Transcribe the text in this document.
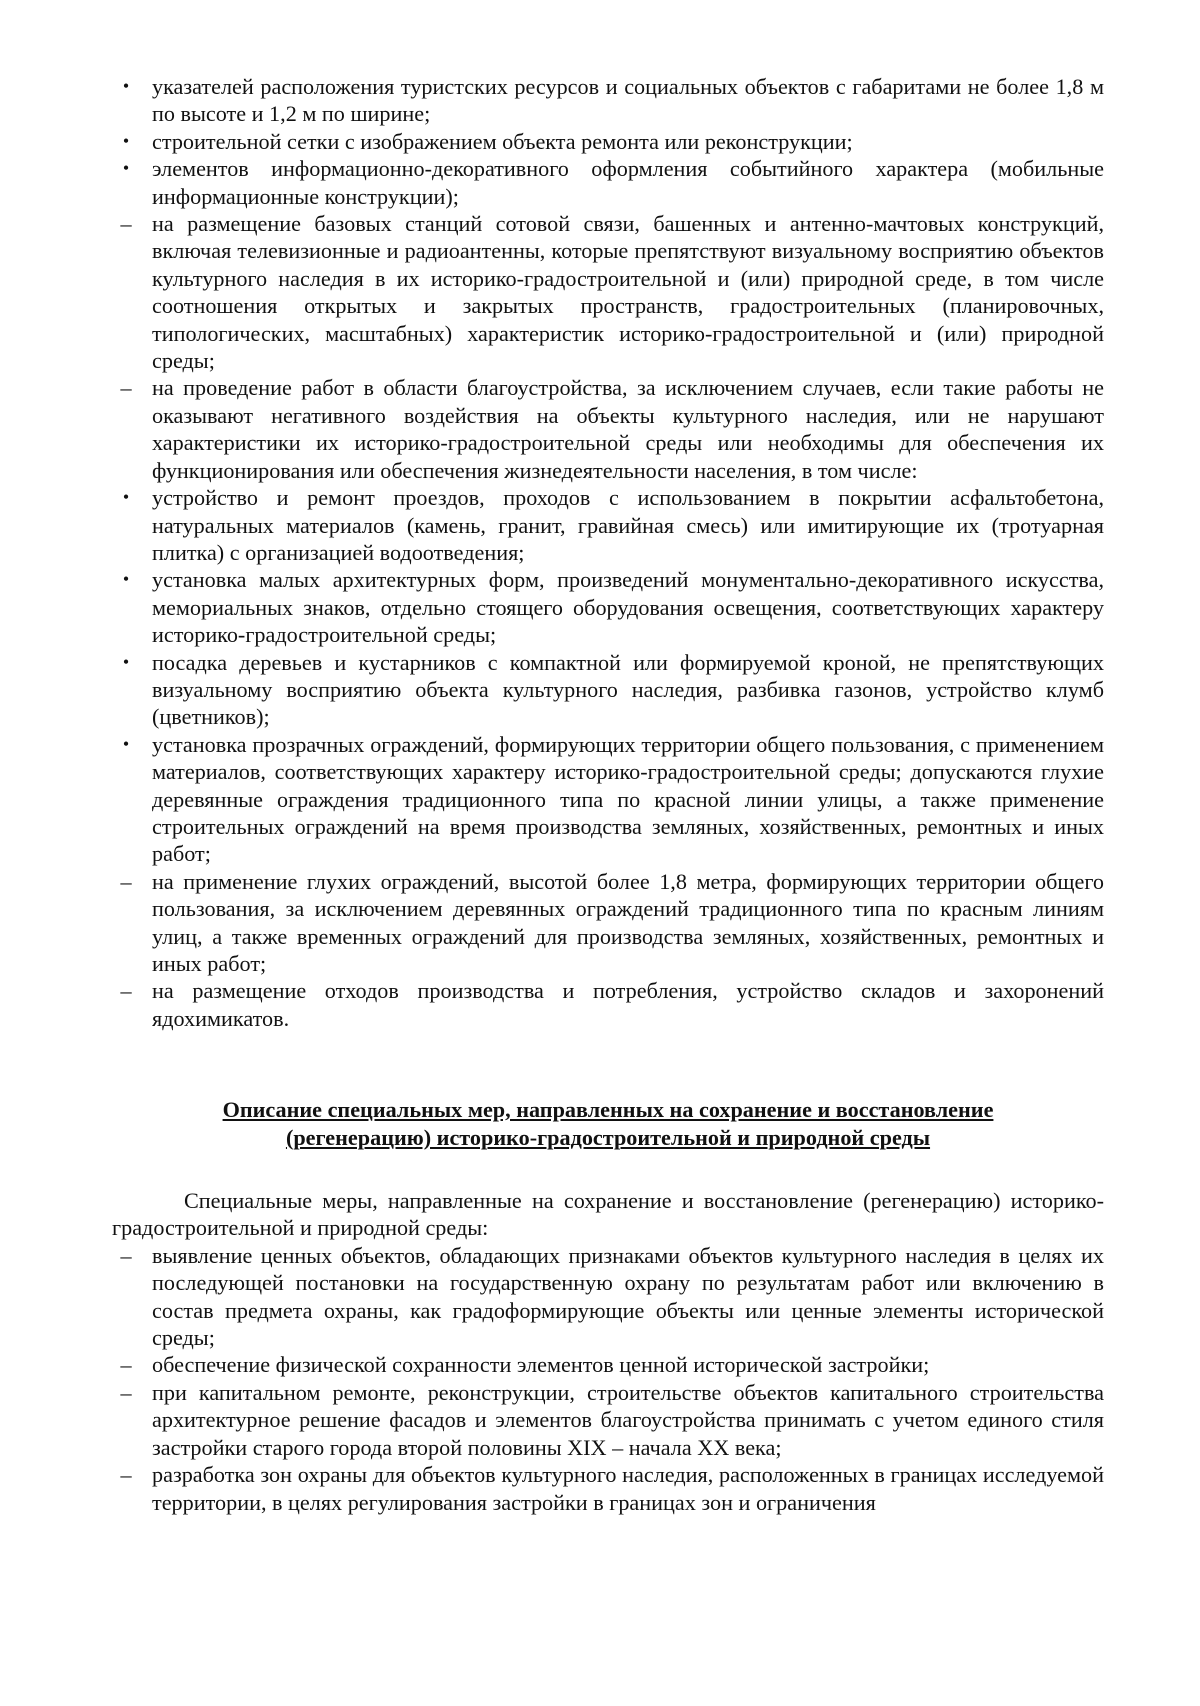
•	указателей расположения туристских ресурсов и социальных объектов с габаритами не более 1,8 м по высоте и 1,2 м по ширине;
•	строительной сетки с изображением объекта ремонта или реконструкции;
•	элементов информационно-декоративного оформления событийного характера (мобильные информационные конструкции);
– на размещение базовых станций сотовой связи, башенных и антенно-мачтовых конструкций, включая телевизионные и радиоантенны, которые препятствуют визуальному восприятию объектов культурного наследия в их историко-градостроительной и (или) природной среде, в том числе соотношения открытых и закрытых пространств, градостроительных (планировочных, типологических, масштабных) характеристик историко-градостроительной и (или) природной среды;
– на проведение работ в области благоустройства, за исключением случаев, если такие работы не оказывают негативного воздействия на объекты культурного наследия, или не нарушают характеристики их историко-градостроительной среды или необходимы для обеспечения их функционирования или обеспечения жизнедеятельности населения, в том числе:
•	устройство и ремонт проездов, проходов с использованием в покрытии асфальтобетона, натуральных материалов (камень, гранит, гравийная смесь) или имитирующие их (тротуарная плитка) с организацией водоотведения;
•	установка малых архитектурных форм, произведений монументально-декоративного искусства, мемориальных знаков, отдельно стоящего оборудования освещения, соответствующих характеру историко-градостроительной среды;
•	посадка деревьев и кустарников с компактной или формируемой кроной, не препятствующих визуальному восприятию объекта культурного наследия, разбивка газонов, устройство клумб (цветников);
•	установка прозрачных ограждений, формирующих территории общего пользования, с применением материалов, соответствующих характеру историко-градостроительной среды; допускаются глухие деревянные ограждения традиционного типа по красной линии улицы, а также применение строительных ограждений на время производства земляных, хозяйственных, ремонтных и иных работ;
– на применение глухих ограждений, высотой более 1,8 метра, формирующих территории общего пользования, за исключением деревянных ограждений традиционного типа по красным линиям улиц, а также временных ограждений для производства земляных, хозяйственных, ремонтных и иных работ;
– на размещение отходов производства и потребления, устройство складов и захоронений ядохимикатов.
Описание специальных мер, направленных на сохранение и восстановление (регенерацию) историко-градостроительной и природной среды
Специальные меры, направленные на сохранение и восстановление (регенерацию) историко-градостроительной и природной среды:
– выявление ценных объектов, обладающих признаками объектов культурного наследия в целях их последующей постановки на государственную охрану по результатам работ или включению в состав предмета охраны, как градоформирующие объекты или ценные элементы исторической среды;
– обеспечение физической сохранности элементов ценной исторической застройки;
– при капитальном ремонте, реконструкции, строительстве объектов капитального строительства архитектурное решение фасадов и элементов благоустройства принимать с учетом единого стиля застройки старого города второй половины XIX – начала XX века;
– разработка зон охраны для объектов культурного наследия, расположенных в границах исследуемой территории, в целях регулирования застройки в границах зон и ограничения
